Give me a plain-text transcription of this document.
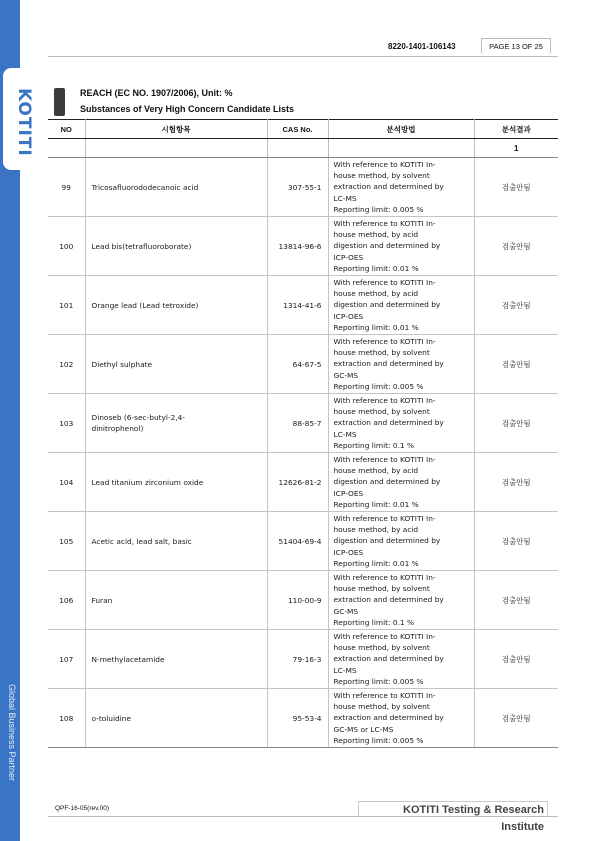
KOTITI
Global Business Partner
8220-1401-106143	PAGE 13 OF 25
REACH (EC NO. 1907/2006), Unit: %
Substances of Very High Concern Candidate Lists
NO	시험항목	CAS No.	분석방법	분석결과
				1
99	Tricosafluorododecanoic acid	307-55-1	With reference to KOTITI In-
house method, by solvent
extraction and determined by
LC-MS
Reporting limit: 0.005 %	검출안됨
100	Lead bis(tetrafluoroborate)	13814-96-6	With reference to KOTITI In-
house method, by acid
digestion and determined by
ICP-OES
Reporting limit: 0.01 %	검출안됨
101	Orange lead (Lead tetroxide)	1314-41-6	With reference to KOTITI In-
house method, by acid
digestion and determined by
ICP-OES
Reporting limit: 0.01 %	검출안됨
102	Diethyl sulphate	64-67-5	With reference to KOTITI In-
house method, by solvent
extraction and determined by
GC-MS
Reporting limit: 0.005 %	검출안됨
103	Dinoseb (6-sec-butyl-2,4-
dinitrophenol)	88-85-7	With reference to KOTITI In-
house method, by solvent
extraction and determined by
LC-MS
Reporting limit: 0.1 %	검출안됨
104	Lead titanium zirconium oxide	12626-81-2	With reference to KOTITI In-
house method, by acid
digestion and determined by
ICP-OES
Reporting limit: 0.01 %	검출안됨
105	Acetic acid, lead salt, basic	51404-69-4	With reference to KOTITI In-
house method, by acid
digestion and determined by
ICP-OES
Reporting limit: 0.01 %	검출안됨
106	Furan	110-00-9	With reference to KOTITI In-
house method, by solvent
extraction and determined by
GC-MS
Reporting limit: 0.1 %	검출안됨
107	N-methylacetamide	79-16-3	With reference to KOTITI In-
house method, by solvent
extraction and determined by
LC-MS
Reporting limit: 0.005 %	검출안됨
108	o-toluidine	95-53-4	With reference to KOTITI In-
house method, by solvent
extraction and determined by
GC-MS or LC-MS
Reporting limit: 0.005 %	검출안됨
QPF-16-05(rev.00)	KOTITI Testing & Research Institute
